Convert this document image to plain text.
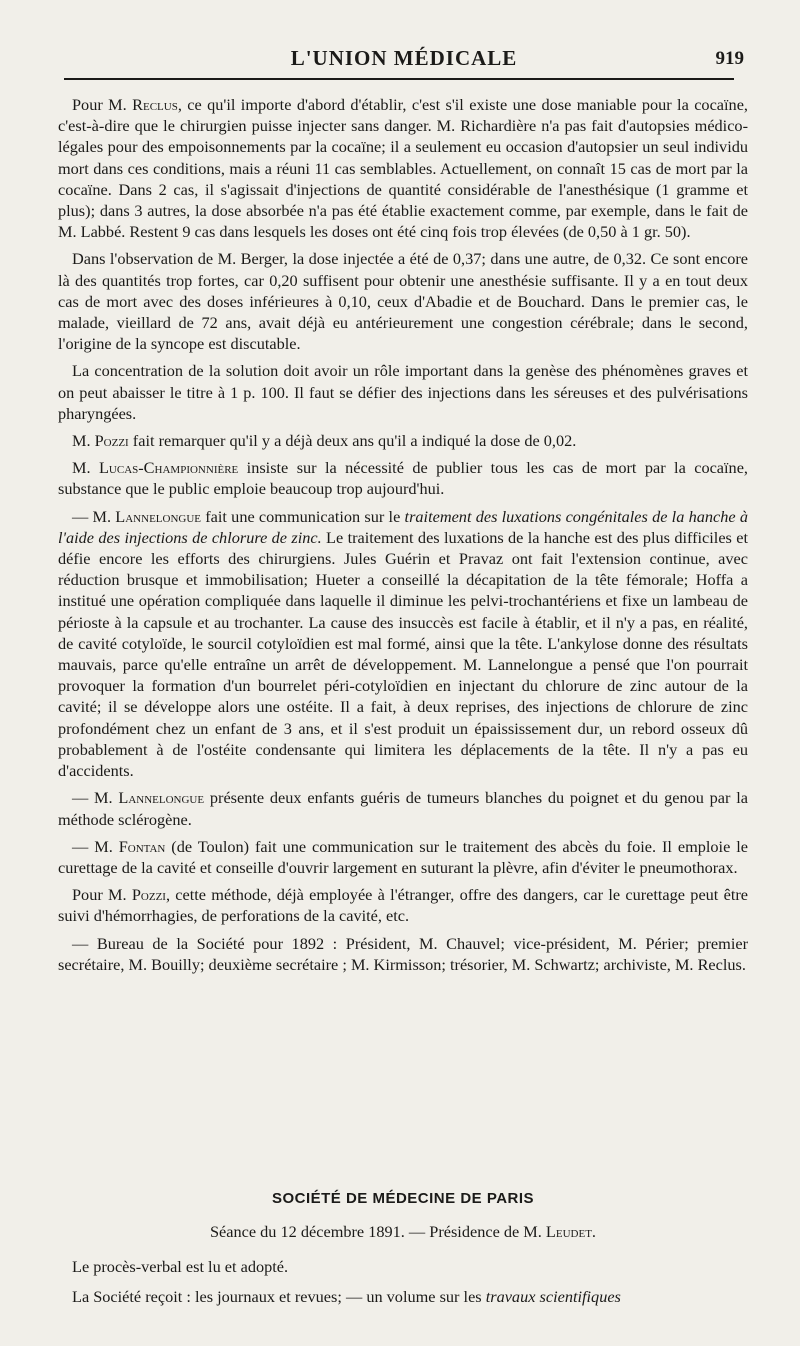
L'UNION MÉDICALE	919

Pour M. Reclus, ce qu'il importe d'abord d'établir, c'est s'il existe une dose maniable pour la cocaïne, c'est-à-dire que le chirurgien puisse injecter sans danger. M. Richardière n'a pas fait d'autopsies médico-légales pour des empoisonnements par la cocaïne; il a seulement eu occasion d'autopsier un seul individu mort dans ces conditions, mais a réuni 11 cas semblables. Actuellement, on connaît 15 cas de mort par la cocaïne. Dans 2 cas, il s'agissait d'injections de quantité considérable de l'anesthésique (1 gramme et plus); dans 3 autres, la dose absorbée n'a pas été établie exactement comme, par exemple, dans le fait de M. Labbé. Restent 9 cas dans lesquels les doses ont été cinq fois trop élevées (de 0,50 à 1 gr. 50).

Dans l'observation de M. Berger, la dose injectée a été de 0,37; dans une autre, de 0,32. Ce sont encore là des quantités trop fortes, car 0,20 suffisent pour obtenir une anesthésie suffisante. Il y a en tout deux cas de mort avec des doses inférieures à 0,10, ceux d'Abadie et de Bouchard. Dans le premier cas, le malade, vieillard de 72 ans, avait déjà eu antérieurement une congestion cérébrale; dans le second, l'origine de la syncope est discutable.

La concentration de la solution doit avoir un rôle important dans la genèse des phénomènes graves et on peut abaisser le titre à 1 p. 100. Il faut se défier des injections dans les séreuses et des pulvérisations pharyngées.

M. Pozzi fait remarquer qu'il y a déjà deux ans qu'il a indiqué la dose de 0,02.

M. Lucas-Championnière insiste sur la nécessité de publier tous les cas de mort par la cocaïne, substance que le public emploie beaucoup trop aujourd'hui.

— M. Lannelongue fait une communication sur le traitement des luxations congénitales de la hanche à l'aide des injections de chlorure de zinc. Le traitement des luxations de la hanche est des plus difficiles et défie encore les efforts des chirurgiens. Jules Guérin et Pravaz ont fait l'extension continue, avec réduction brusque et immobilisation; Hueter a conseillé la décapitation de la tête fémorale; Hoffa a institué une opération compliquée dans laquelle il diminue les pelvi-trochantériens et fixe un lambeau de périoste à la capsule et au trochanter. La cause des insuccès est facile à établir, et il n'y a pas, en réalité, de cavité cotyloïde, le sourcil cotyloïdien est mal formé, ainsi que la tête. L'ankylose donne des résultats mauvais, parce qu'elle entraîne un arrêt de développement. M. Lannelongue a pensé que l'on pourrait provoquer la formation d'un bourrelet péri-cotyloïdien en injectant du chlorure de zinc autour de la cavité; il se développe alors une ostéite. Il a fait, à deux reprises, des injections de chlorure de zinc profondément chez un enfant de 3 ans, et il s'est produit un épaississement dur, un rebord osseux dû probablement à de l'ostéite condensante qui limitera les déplacements de la tête. Il n'y a pas eu d'accidents.

— M. Lannelongue présente deux enfants guéris de tumeurs blanches du poignet et du genou par la méthode sclérogène.

— M. Fontan (de Toulon) fait une communication sur le traitement des abcès du foie. Il emploie le curettage de la cavité et conseille d'ouvrir largement en suturant la plèvre, afin d'éviter le pneumothorax.

Pour M. Pozzi, cette méthode, déjà employée à l'étranger, offre des dangers, car le curettage peut être suivi d'hémorrhagies, de perforations de la cavité, etc.

— Bureau de la Société pour 1892 : Président, M. Chauvel; vice-président, M. Périer; premier secrétaire, M. Bouilly; deuxième secrétaire ; M. Kirmisson; trésorier, M. Schwartz; archiviste, M. Reclus.

SOCIÉTÉ DE MÉDECINE DE PARIS
Séance du 12 décembre 1891. — Présidence de M. Leudet.

Le procès-verbal est lu et adopté.

La Société reçoit : les journaux et revues; — un volume sur les travaux scientifiques
